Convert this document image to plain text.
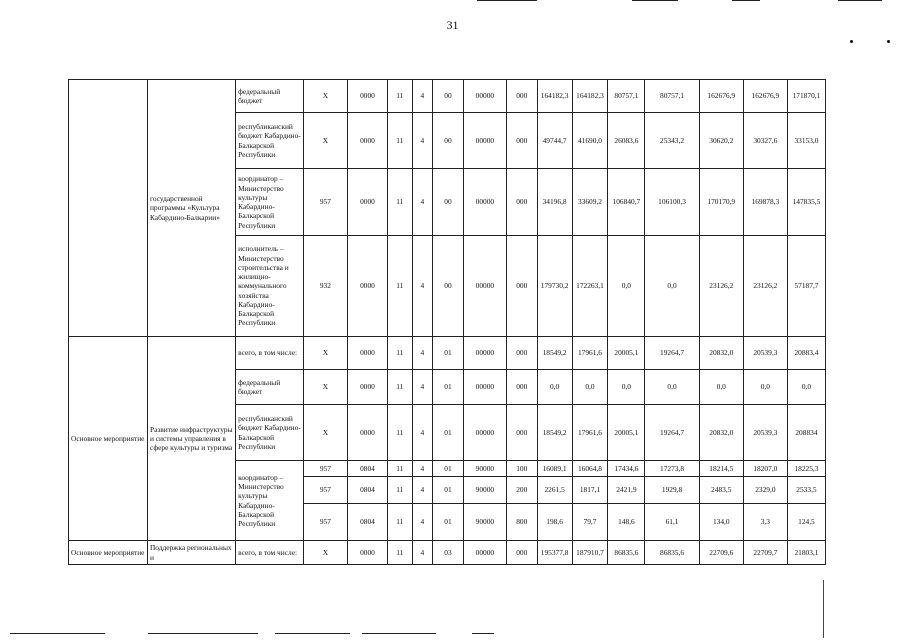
31
	государственной программы «Культура Кабардино-Балкарии»	федеральный бюджет	X	0000	11	4	00	00000	000	164182,3	164182,3	80757,1	80757,1	162676,9	162676,9	171870,1
		республиканский бюджет Кабардино-Балкарской Республики	X	0000	11	4	00	00000	000	49744,7	41690,0	26083,6	25343,2	30620,2	30327,6	33153,0
		координатор – Министерство культуры Кабардино-Балкарской Республики	957	0000	11	4	00	00000	000	34196,8	33609,2	106840,7	106100,3	170170,9	169878,3	147835,5
		исполнитель – Министерство строительства и жилищно-коммунального хозяйства Кабардино-Балкарской Республики	932	0000	11	4	00	00000	000	179730,2	172263,1	0,0	0,0	23126,2	23126,2	57187,7
Основное мероприятие	Развитие инфраструктуры и системы управления в сфере культуры и туризма	всего, в том числе:	X	0000	11	4	01	00000	000	18549,2	17961,6	20005,1	19264,7	20832,0	20539,3	20883,4
		федеральный бюджет	X	0000	11	4	01	00000	000	0,0	0,0	0,0	0,0	0,0	0,0	0,0
		республиканский бюджет Кабардино-Балкарской Республики	X	0000	11	4	01	00000	000	18549,2	17961,6	20005,1	19264,7	20832,0	20539,3	208834
		координатор – Министерство культуры Кабардино-Балкарской Республики	957	0804	11	4	01	90000	100	16089,1	16064,8	17434,6	17273,8	18214,5	18207,0	18225,3
			957	0804	11	4	01	90000	200	2261,5	1817,1	2421,9	1929,8	2483,5	2329,0	2533,5
			957	0804	11	4	01	90000	800	198,6	79,7	148,6	61,1	134,0	3,3	124,5
Основное мероприятие	Поддержка региональных и	всего, в том числе:	X	0000	11	4	03	00000	000	195377,8	187910,7	86835,6	86835,6	22709,6	22709,7	21803,1
